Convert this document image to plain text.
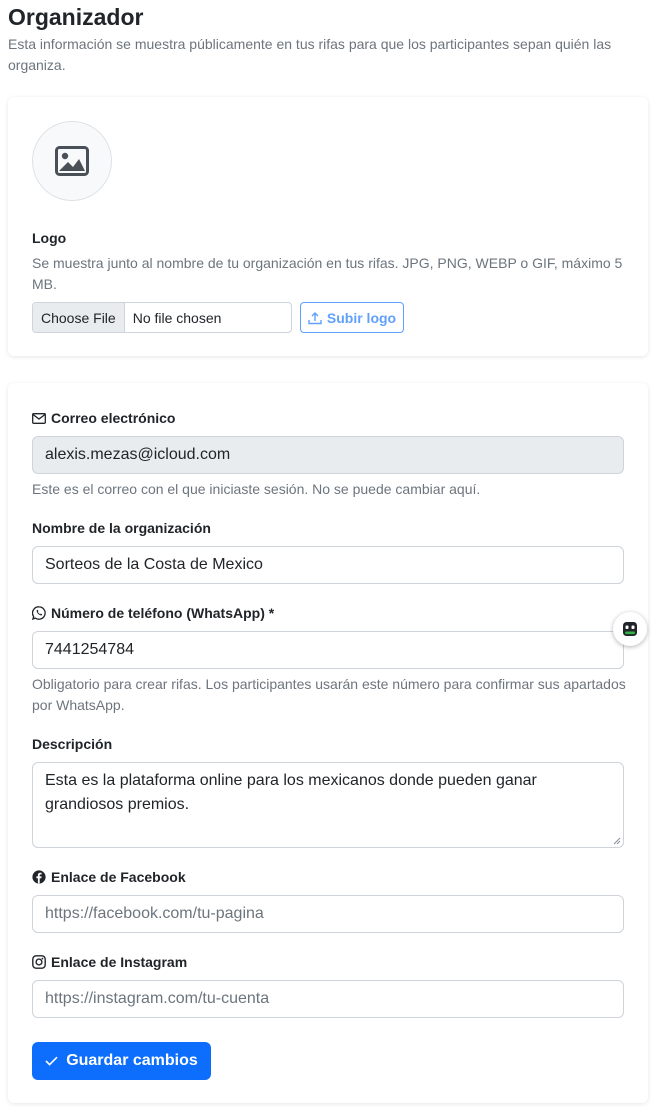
Organizador
Esta información se muestra públicamente en tus rifas para que los participantes sepan quién las organiza.
Logo
Se muestra junto al nombre de tu organización en tus rifas. JPG, PNG, WEBP o GIF, máximo 5 MB.
Choose File	No file chosen	Subir logo
Correo electrónico
alexis.mezas@icloud.com
Este es el correo con el que iniciaste sesión. No se puede cambiar aquí.
Nombre de la organización
Sorteos de la Costa de Mexico
Número de teléfono (WhatsApp) *
7441254784
Obligatorio para crear rifas. Los participantes usarán este número para confirmar sus apartados por WhatsApp.
Descripción
Esta es la plataforma online para los mexicanos donde pueden ganar grandiosos premios.
Enlace de Facebook
https://facebook.com/tu-pagina
Enlace de Instagram
https://instagram.com/tu-cuenta
Guardar cambios
